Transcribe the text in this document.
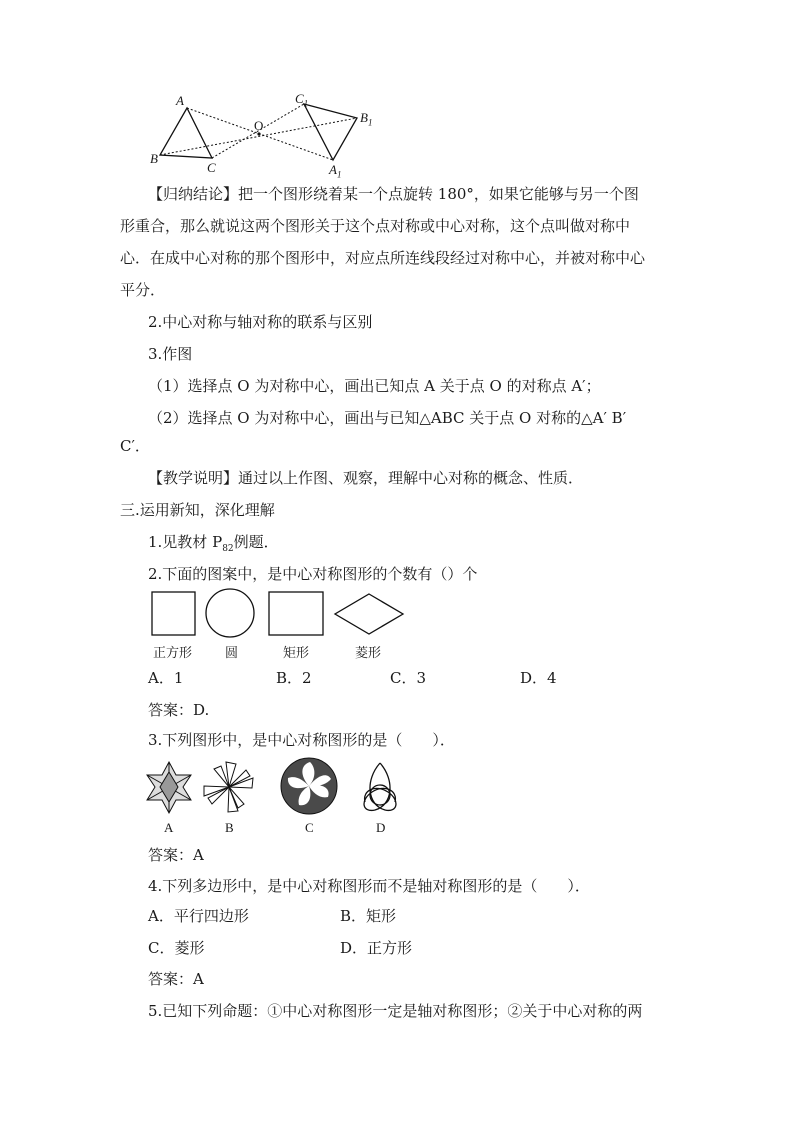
A
B
C
O
$C_1$
$B_1$
$A_1$
【归纳结论】把一个图形绕着某一个点旋转 180°，如果它能够与另一个图
形重合，那么就说这两个图形关于这个点对称或中心对称，这个点叫做对称中
心．在成中心对称的那个图形中，对应点所连线段经过对称中心，并被对称中心
平分．
2.中心对称与轴对称的联系与区别
3.作图
（1）选择点 O 为对称中心，画出已知点 A 关于点 O 的对称点 A′；
（2）选择点 O 为对称中心，画出与已知△ABC 关于点 O 对称的△A′ B′
C′．
【教学说明】通过以上作图、观察，理解中心对称的概念、性质．
三.运用新知，深化理解
1.见教材 $P_{82}$例题．
2.下面的图案中，是中心对称图形的个数有（）个
正方形	圆	矩形	菱形
A．1	B．2	C．3	D．4
答案：D.
3.下列图形中，是中心对称图形的是（　　）．
A	B	C	D
答案：A
4.下列多边形中，是中心对称图形而不是轴对称图形的是（　　）．
A．平行四边形	B．矩形
C．菱形	D．正方形
答案：A
5.已知下列命题：①中心对称图形一定是轴对称图形；②关于中心对称的两
